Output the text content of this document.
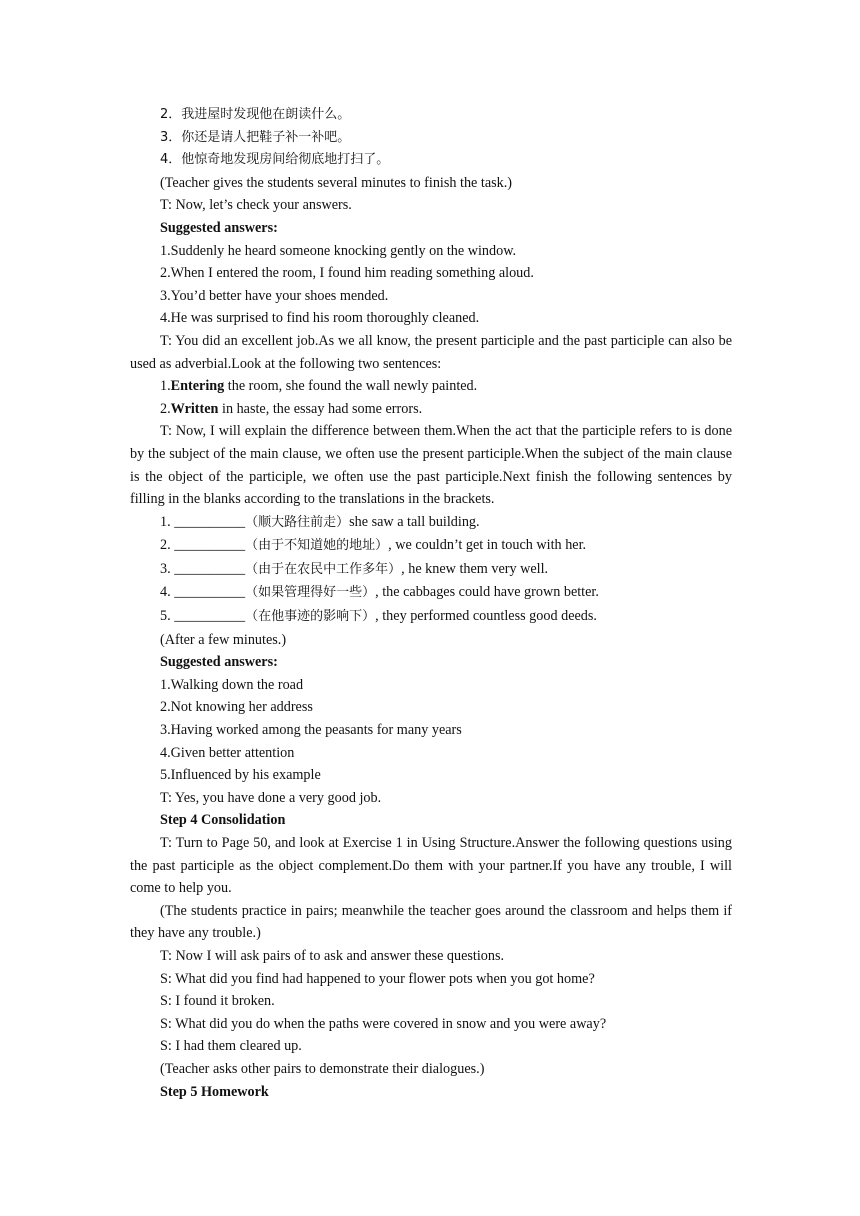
2．我进屋时发现他在朗读什么。

3．你还是请人把鞋子补一补吧。

4．他惊奇地发现房间给彻底地打扫了。

(Teacher gives the students several minutes to finish the task.)

T: Now, let’s check your answers.

Suggested answers:

1.Suddenly he heard someone knocking gently on the window.

2.When I entered the room, I found him reading something aloud.

3.You’d better have your shoes mended.

4.He was surprised to find his room thoroughly cleaned.

T: You did an excellent job.As we all know, the present participle and the past participle can also be used as adverbial.Look at the following two sentences:

1.Entering the room, she found the wall newly painted.

2.Written in haste, the essay had some errors.

T: Now, I will explain the difference between them.When the act that the participle refers to is done by the subject of the main clause, we often use the present participle.When the subject of the main clause is the object of the participle, we often use the past participle.Next finish the following sentences by filling in the blanks according to the translations in the brackets.

1. __________（顺大路往前走）she saw a tall building.

2. __________（由于不知道她的地址）, we couldn’t get in touch with her.

3. __________（由于在农民中工作多年）, he knew them very well.

4. __________（如果管理得好一些）, the cabbages could have grown better.

5. __________（在他事迹的影响下）, they performed countless good deeds.

(After a few minutes.)

Suggested answers:

1.Walking down the road

2.Not knowing her address

3.Having worked among the peasants for many years

4.Given better attention

5.Influenced by his example

T: Yes, you have done a very good job.

Step 4 Consolidation

T: Turn to Page 50, and look at Exercise 1 in Using Structure.Answer the following questions using the past participle as the object complement.Do them with your partner.If you have any trouble, I will come to help you.

(The students practice in pairs; meanwhile the teacher goes around the classroom and helps them if they have any trouble.)

T: Now I will ask pairs of to ask and answer these questions.

S: What did you find had happened to your flower pots when you got home?

S: I found it broken.

S: What did you do when the paths were covered in snow and you were away?

S: I had them cleared up.

(Teacher asks other pairs to demonstrate their dialogues.)

Step 5 Homework
